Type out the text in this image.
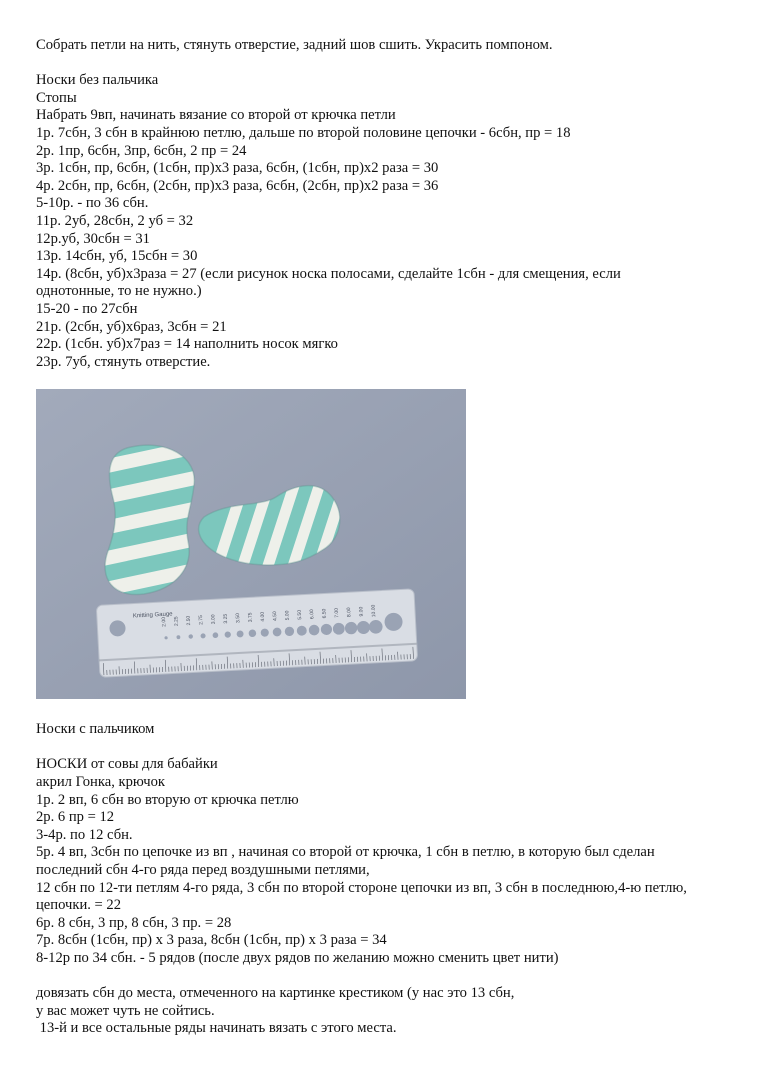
Собрать петли на нить, стянуть отверстие, задний шов сшить. Украсить помпоном.
Носки без пальчика
Стопы
Набрать 9вп, начинать вязание со второй от крючка петли
1р. 7сбн, 3 сбн в крайнюю петлю, дальше по второй половине цепочки - 6сбн, пр = 18
2р. 1пр, 6сбн, 3пр, 6сбн, 2 пр = 24
3р. 1сбн, пр, 6сбн, (1сбн, пр)х3 раза, 6сбн, (1сбн, пр)х2 раза = 30
4р. 2сбн, пр, 6сбн, (2сбн, пр)х3 раза, 6сбн, (2сбн, пр)х2 раза = 36
5-10р. - по 36 сбн.
11р. 2уб, 28сбн, 2 уб = 32
12р.уб, 30сбн = 31
13р. 14сбн, уб, 15сбн = 30
14р. (8сбн, уб)х3раза = 27 (если рисунок носка полосами, сделайте 1сбн - для смещения, если
однотонные, то не нужно.)
15-20 - по 27сбн
21р. (2сбн, уб)х6раз, 3сбн = 21
22р. (1сбн. уб)х7раз = 14 наполнить носок мягко
23р. 7уб, стянуть отверстие.
Knitting Gauge
2.00 2.25 2.50 2.75 3.00 3.25 3.50 3.75 4.00 4.50 5.00 5.50 6.00 6.50 7.00 8.00 9.00 10.00
Носки с пальчиком
НОСКИ от совы для бабайки
акрил Гонка, крючок
1р. 2 вп, 6 сбн во вторую от крючка петлю
2р. 6 пр = 12
3-4р. по 12 сбн.
5р. 4 вп, 3сбн по цепочке из вп , начиная со второй от крючка, 1 сбн в петлю, в которую был сделан
последний сбн 4-го ряда перед воздушными петлями,
12 сбн по 12-ти петлям 4-го ряда, 3 сбн по второй стороне цепочки из вп, 3 сбн в последнюю,4-ю петлю,
цепочки. = 22
6р. 8 сбн, 3 пр, 8 сбн, 3 пр. = 28
7р. 8сбн (1сбн, пр) х 3 раза, 8сбн (1сбн, пр) х 3 раза = 34
8-12р по 34 сбн. - 5 рядов (после двух рядов по желанию можно сменить цвет нити)
довязать сбн до места, отмеченного на картинке крестиком (у нас это 13 сбн,
у вас может чуть не сойтись.
13-й и все остальные ряды начинать вязать с этого места.
